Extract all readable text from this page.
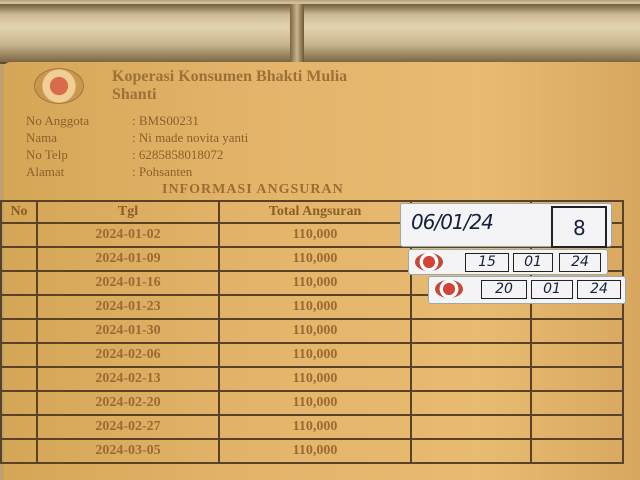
Koperasi Konsumen Bhakti Mulia
Shanti
No Anggota	: BMS00231
Nama	: Ni made novita yanti
No Telp	: 6285858018072
Alamat	: Pohsanten
INFORMASI ANGSURAN
No	Tgl	Total Angsuran		
	2024-01-02	110,000		
	2024-01-09	110,000		
	2024-01-16	110,000		
	2024-01-23	110,000		
	2024-01-30	110,000		
	2024-02-06	110,000		
	2024-02-13	110,000		
	2024-02-20	110,000		
	2024-02-27	110,000		
	2024-03-05	110,000		
06/01/24	8
15	01	24
20	01	24
